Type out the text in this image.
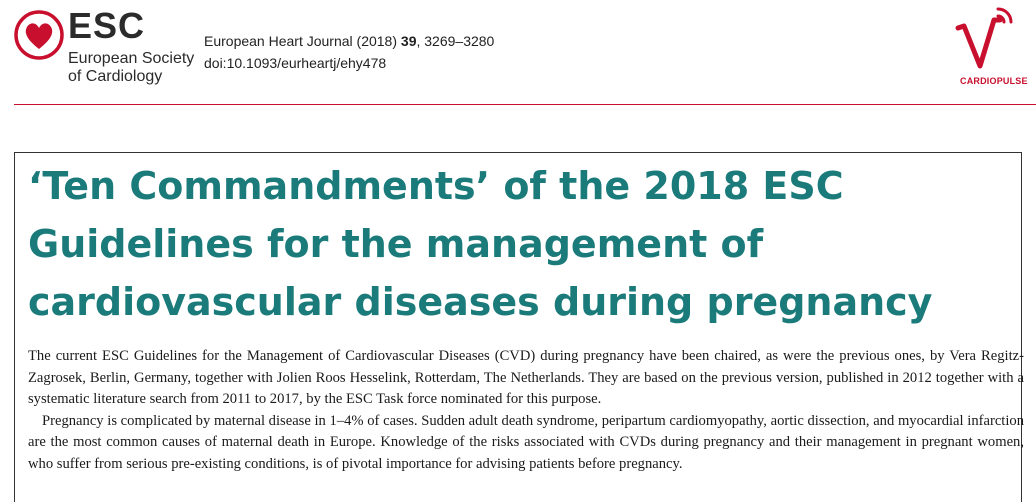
ESC
European Society
of Cardiology
European Heart Journal (2018) 39, 3269–3280
doi:10.1093/eurheartj/ehy478
CARDIOPULSE
‘Ten Commandments’ of the 2018 ESC Guidelines for the management of cardiovascular diseases during pregnancy

The current ESC Guidelines for the Management of Cardiovascular Diseases (CVD) during pregnancy have been chaired, as were the previous ones, by Vera Regitz-Zagrosek, Berlin, Germany, together with Jolien Roos Hesselink, Rotterdam, The Netherlands. They are based on the previous version, published in 2012 together with a systematic literature search from 2011 to 2017, by the ESC Task force nominated for this purpose.

Pregnancy is complicated by maternal disease in 1–4% of cases. Sudden adult death syndrome, peripartum cardiomyopathy, aortic dissection, and myocardial infarction are the most common causes of maternal death in Europe. Knowledge of the risks associated with CVDs during pregnancy and their management in pregnant women, who suffer from serious pre-existing conditions, is of pivotal importance for advising patients before pregnancy.
